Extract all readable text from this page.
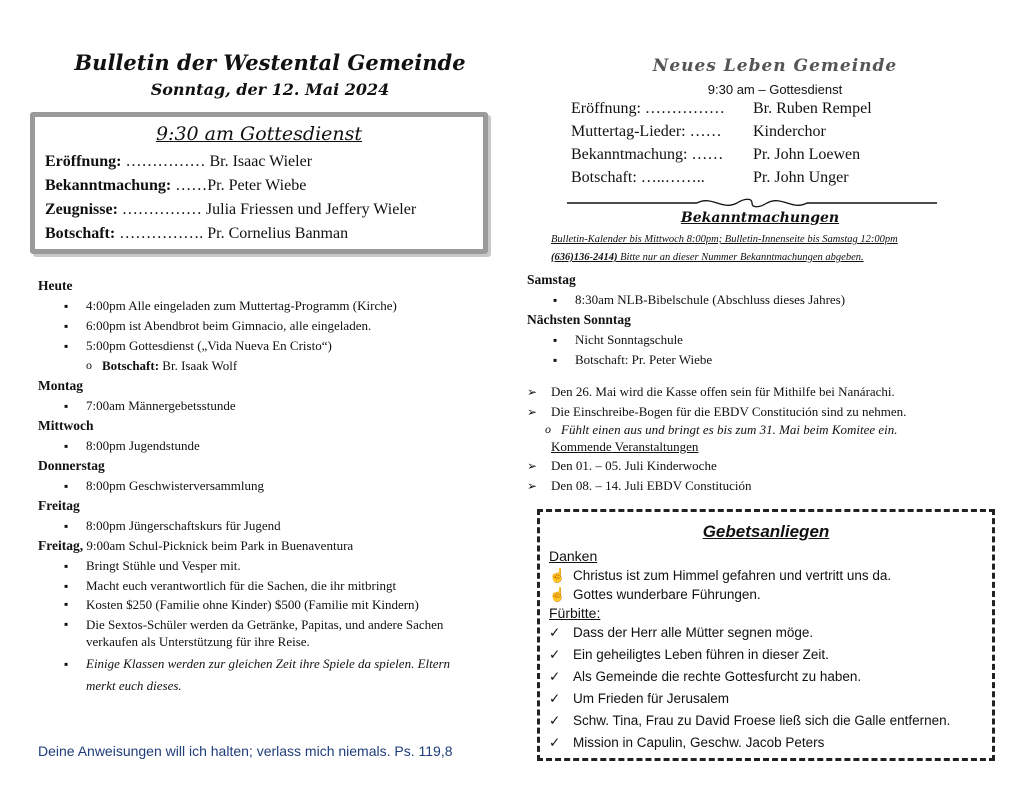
Bulletin der Westental Gemeinde
Sonntag, der 12. Mai 2024
9:30 am Gottesdienst
Eröffnung: …………… Br. Isaac Wieler
Bekanntmachung: ……Pr. Peter Wiebe
Zeugnisse: …………… Julia Friessen und Jeffery Wieler
Botschaft: ……………. Pr. Cornelius Banman
Heute
▪ 4:00pm Alle eingeladen zum Muttertag-Programm (Kirche)
▪ 6:00pm ist Abendbrot beim Gimnacio, alle eingeladen.
▪ 5:00pm Gottesdienst („Vida Nueva En Cristo“)
o Botschaft: Br. Isaak Wolf
Montag
▪ 7:00am Männergebetsstunde
Mittwoch
▪ 8:00pm Jugendstunde
Donnerstag
▪ 8:00pm Geschwisterversammlung
Freitag
▪ 8:00pm Jüngerschaftskurs für Jugend
Freitag, 9:00am Schul-Picknick beim Park in Buenaventura
▪ Bringt Stühle und Vesper mit.
▪ Macht euch verantwortlich für die Sachen, die ihr mitbringt
▪ Kosten $250 (Familie ohne Kinder) $500 (Familie mit Kindern)
▪ Die Sextos-Schüler werden da Getränke, Papitas, und andere Sachen verkaufen als Unterstützung für ihre Reise.
▪ Einige Klassen werden zur gleichen Zeit ihre Spiele da spielen. Eltern merkt euch dieses.
Deine Anweisungen will ich halten; verlass mich niemals. Ps. 119,8
Neues Leben Gemeinde
9:30 am – Gottesdienst
Eröffnung: …………… Br. Ruben Rempel
Muttertag-Lieder: …… Kinderchor
Bekanntmachung: …… Pr. John Loewen
Botschaft: …..……..	Pr. John Unger
Bekanntmachungen
Bulletin-Kalender bis Mittwoch 8:00pm; Bulletin-Innenseite bis Samstag 12:00pm
(636)136-2414) Bitte nur an dieser Nummer Bekanntmachungen abgeben.
Samstag
▪ 8:30am NLB-Bibelschule (Abschluss dieses Jahres)
Nächsten Sonntag
▪ Nicht Sonntagschule
▪ Botschaft: Pr. Peter Wiebe
➢ Den 26. Mai wird die Kasse offen sein für Mithilfe bei Nanárachi.
➢ Die Einschreibe-Bogen für die EBDV Constitución sind zu nehmen.
o Fühlt einen aus und bringt es bis zum 31. Mai beim Komitee ein.
Kommende Veranstaltungen
➢ Den 01. – 05. Juli Kinderwoche
➢ Den 08. – 14. Juli EBDV Constitución
Gebetsanliegen
Danken
☝ Christus ist zum Himmel gefahren und vertritt uns da.
☝ Gottes wunderbare Führungen.
Fürbitte:
✓ Dass der Herr alle Mütter segnen möge.
✓ Ein geheiligtes Leben führen in dieser Zeit.
✓ Als Gemeinde die rechte Gottesfurcht zu haben.
✓ Um Frieden für Jerusalem
✓ Schw. Tina, Frau zu David Froese ließ sich die Galle entfernen.
✓ Mission in Capulin, Geschw. Jacob Peters
